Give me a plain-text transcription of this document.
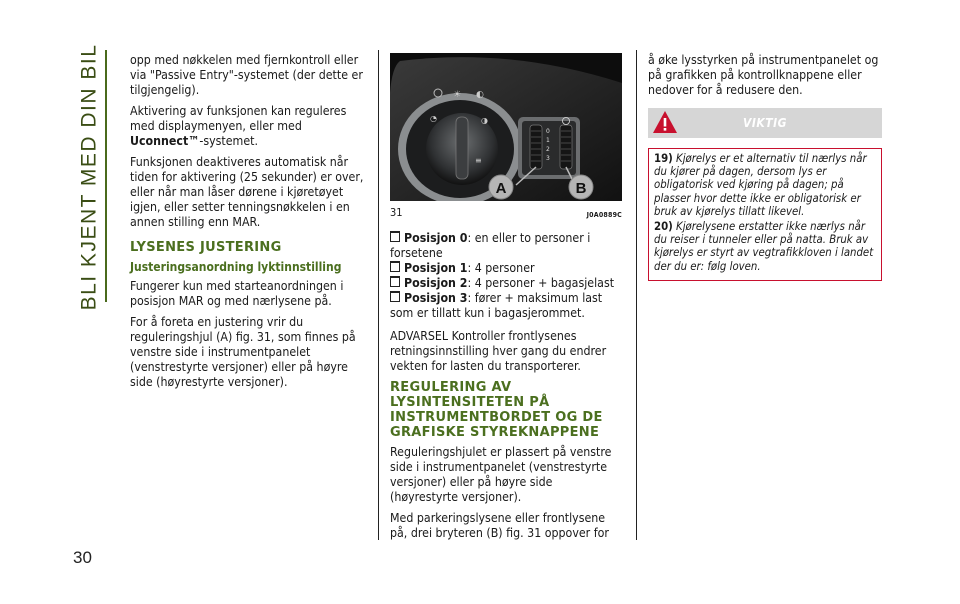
BLI KJENT MED DIN BIL
30

opp med nøkkelen med fjernkontroll eller via "Passive Entry"-systemet (der dette er tilgjengelig).

Aktivering av funksjonen kan reguleres med displaymenyen, eller med Uconnect™-systemet.

Funksjonen deaktiveres automatisk når tiden for aktivering (25 sekunder) er over, eller når man låser dørene i kjøretøyet igjen, eller setter tenningsnøkkelen i en annen stilling enn MAR.

LYSENES JUSTERING
Justeringsanordning lyktinnstilling

Fungerer kun med starteanordningen i posisjon MAR og med nærlysene på.

For å foreta en justering vrir du reguleringshjul (A) fig. 31, som finnes på venstre side i instrumentpanelet (venstrestyrte versjoner) eller på høyre side (høyrestyrte versjoner).

☀ ◐
◔	◑
≡
0
1
2
3
A	B
31	J0A0889C
Posisjon 0: en eller to personer i forsetene
Posisjon 1: 4 personer
Posisjon 2: 4 personer + bagasjelast
Posisjon 3: fører + maksimum last som er tillatt kun i bagasjerommet.

ADVARSEL Kontroller frontlysenes retningsinnstilling hver gang du endrer vekten for lasten du transporterer.

REGULERING AV LYSINTENSITETEN PÅ INSTRUMENTBORDET OG DE GRAFISKE STYREKNAPPENE

Reguleringshjulet er plassert på venstre side i instrumentpanelet (venstrestyrte versjoner) eller på høyre side (høyrestyrte versjoner).

Med parkeringslysene eller frontlysene på, drei bryteren (B) fig. 31 oppover for

å øke lysstyrken på instrumentpanelet og på grafikken på kontrollknappene eller nedover for å redusere den.

VIKTIG

19) Kjørelys er et alternativ til nærlys når du kjører på dagen, dersom lys er obligatorisk ved kjøring på dagen; på plasser hvor dette ikke er obligatorisk er bruk av kjørelys tillatt likevel.

20) Kjørelysene erstatter ikke nærlys når du reiser i tunneler eller på natta. Bruk av kjørelys er styrt av vegtrafikkloven i landet der du er: følg loven.
